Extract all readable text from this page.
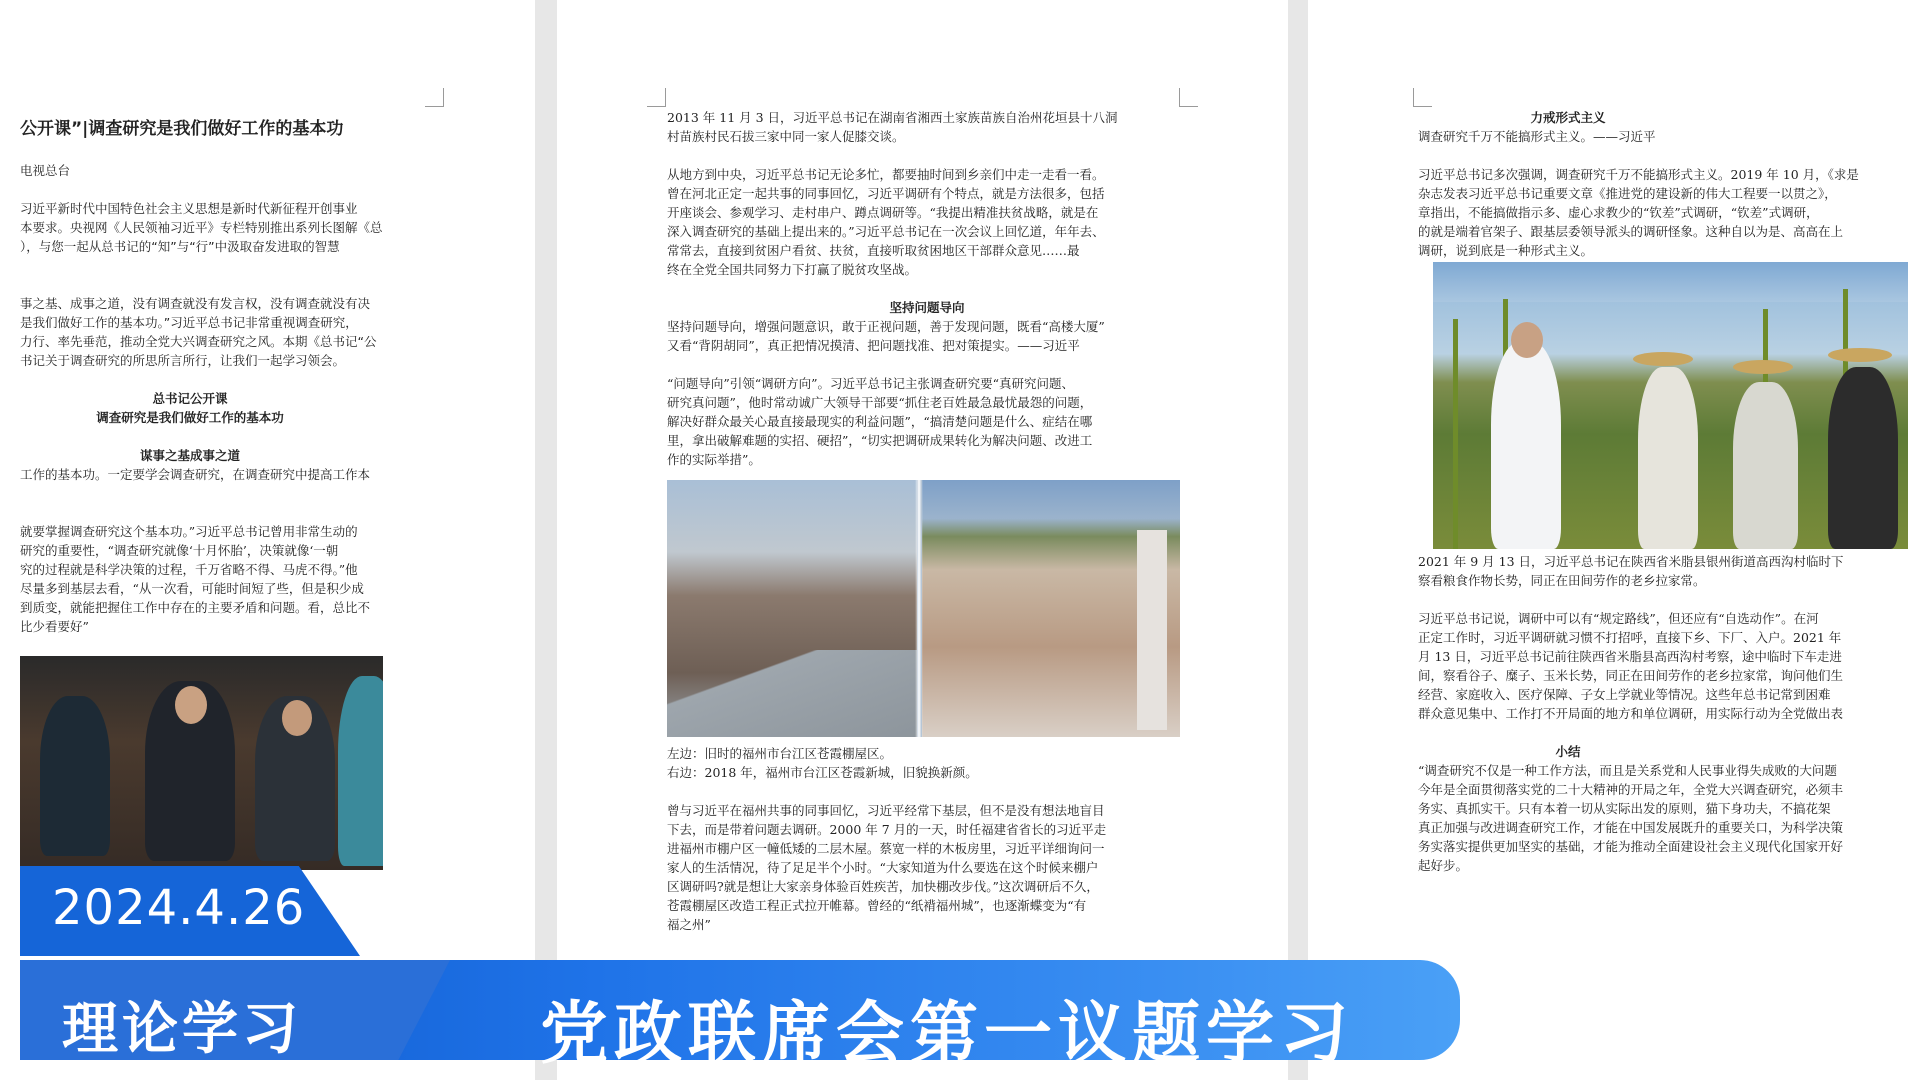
公开课”|调查研究是我们做好工作的基本功
电视总台
习近平新时代中国特色社会主义思想是新时代新征程开创事业
本要求。央视网《人民领袖习近平》专栏特别推出系列长图解《总
），与您一起从总书记的“知”与“行”中汲取奋发进取的智慧
事之基、成事之道，没有调查就没有发言权，没有调查就没有决
是我们做好工作的基本功。”习近平总书记非常重视调查研究，
力行、率先垂范，推动全党大兴调查研究之风。本期《总书记“公
书记关于调查研究的所思所言所行，让我们一起学习领会。
总书记公开课
调查研究是我们做好工作的基本功
谋事之基成事之道
工作的基本功。一定要学会调查研究，在调查研究中提高工作本
就要掌握调查研究这个基本功。”习近平总书记曾用非常生动的
研究的重要性，“调查研究就像‘十月怀胎’，决策就像‘一朝
究的过程就是科学决策的过程，千万省略不得、马虎不得。”他
尽量多到基层去看，“从一次看，可能时间短了些，但是积少成
到质变，就能把握住工作中存在的主要矛盾和问题。看，总比不
比少看要好”
2013 年 11 月 3 日，习近平总书记在湖南省湘西土家族苗族自治州花垣县十八洞
村苗族村民石拔三家中同一家人促膝交谈。
从地方到中央，习近平总书记无论多忙，都要抽时间到乡亲们中走一走看一看。
曾在河北正定一起共事的同事回忆，习近平调研有个特点，就是方法很多，包括
开座谈会、参观学习、走村串户、蹲点调研等。“我提出精准扶贫战略，就是在
深入调查研究的基础上提出来的。”习近平总书记在一次会议上回忆道，年年去、
常常去，直接到贫困户看贫、扶贫，直接听取贫困地区干部群众意见……最
终在全党全国共同努力下打赢了脱贫攻坚战。
坚持问题导向
坚持问题导向，增强问题意识，敢于正视问题，善于发现问题，既看“高楼大厦”
又看“背阴胡同”，真正把情况摸清、把问题找准、把对策提实。——习近平
“问题导向”引领“调研方向”。习近平总书记主张调查研究要“真研究问题、
研究真问题”，他时常动诚广大领导干部要“抓住老百姓最急最忧最怨的问题，
解决好群众最关心最直接最现实的利益问题”，“搞清楚问题是什么、症结在哪
里，拿出破解难题的实招、硬招”，“切实把调研成果转化为解决问题、改进工
作的实际举措”。
左边：旧时的福州市台江区苍霞棚屋区。
右边：2018 年，福州市台江区苍霞新城，旧貌换新颜。
曾与习近平在福州共事的同事回忆，习近平经常下基层，但不是没有想法地盲目
下去，而是带着问题去调研。2000 年 7 月的一天，时任福建省省长的习近平走
进福州市棚户区一幢低矮的二层木屋。蔡宽一样的木板房里，习近平详细询问一
家人的生活情况，待了足足半个小时。“大家知道为什么要选在这个时候来棚户
区调研吗?就是想让大家亲身体验百姓疾苦，加快棚改步伐。”这次调研后不久，
苍霞棚屋区改造工程正式拉开帷幕。曾经的“纸褙福州城”，也逐渐蝶变为“有
福之州”
力戒形式主义
调查研究千万不能搞形式主义。——习近平
习近平总书记多次强调，调查研究千万不能搞形式主义。2019 年 10 月，《求是
杂志发表习近平总书记重要文章《推进党的建设新的伟大工程要一以贯之》，
章指出，不能搞做指示多、虚心求教少的“钦差”式调研，“钦差”式调研，
的就是端着官架子、跟基层委领导派头的调研怪象。这种自以为是、高高在上
调研，说到底是一种形式主义。
2021 年 9 月 13 日，习近平总书记在陕西省米脂县银州街道高西沟村临时下
察看粮食作物长势，同正在田间劳作的老乡拉家常。
习近平总书记说，调研中可以有“规定路线”，但还应有“自选动作”。在河
正定工作时，习近平调研就习惯不打招呼，直接下乡、下厂、入户。2021 年
月 13 日，习近平总书记前往陕西省米脂县高西沟村考察，途中临时下车走进
间，察看谷子、糜子、玉米长势，同正在田间劳作的老乡拉家常，询问他们生
经营、家庭收入、医疗保障、子女上学就业等情况。这些年总书记常到困难
群众意见集中、工作打不开局面的地方和单位调研，用实际行动为全党做出表
小结
“调查研究不仅是一种工作方法，而且是关系党和人民事业得失成败的大问题
今年是全面贯彻落实党的二十大精神的开局之年，全党大兴调查研究，必须丰
务实、真抓实干。只有本着一切从实际出发的原则，猫下身功夫，不搞花架
真正加强与改进调查研究工作，才能在中国发展既升的重要关口，为科学决策
务实落实提供更加坚实的基础，才能为推动全面建设社会主义现代化国家开好
起好步。
2024.4.26
理论学习	党政联席会第一议题学习
